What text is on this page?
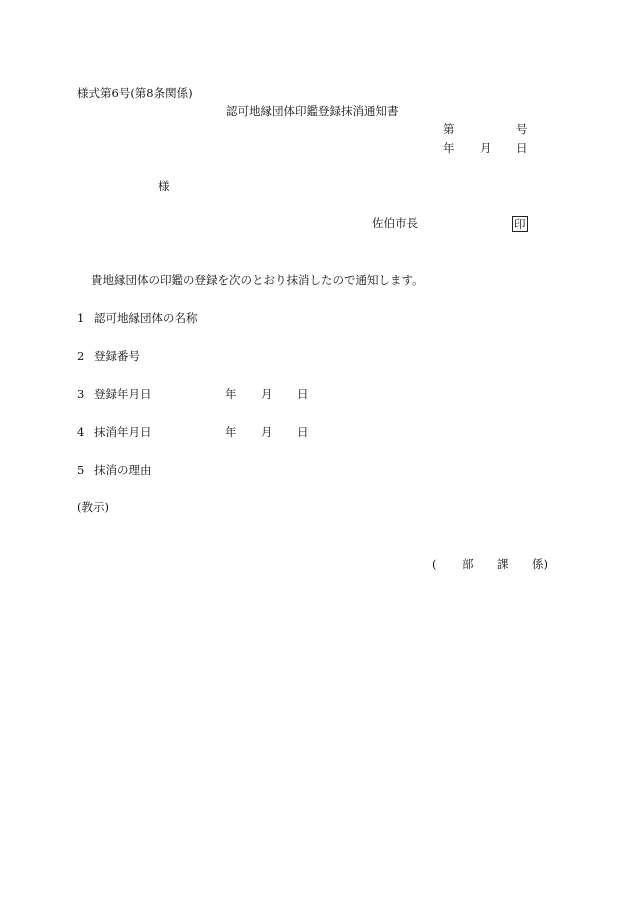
様式第6号(第8条関係)
認可地縁団体印鑑登録抹消通知書
第	号
年 月 日
様
佐伯市長	印
貴地縁団体の印鑑の登録を次のとおり抹消したので通知します。
1 認可地縁団体の名称
2 登録番号
3 登録年月日	年 月 日
4 抹消年月日	年 月 日
5 抹消の理由
(教示)
( 部 課 係)
